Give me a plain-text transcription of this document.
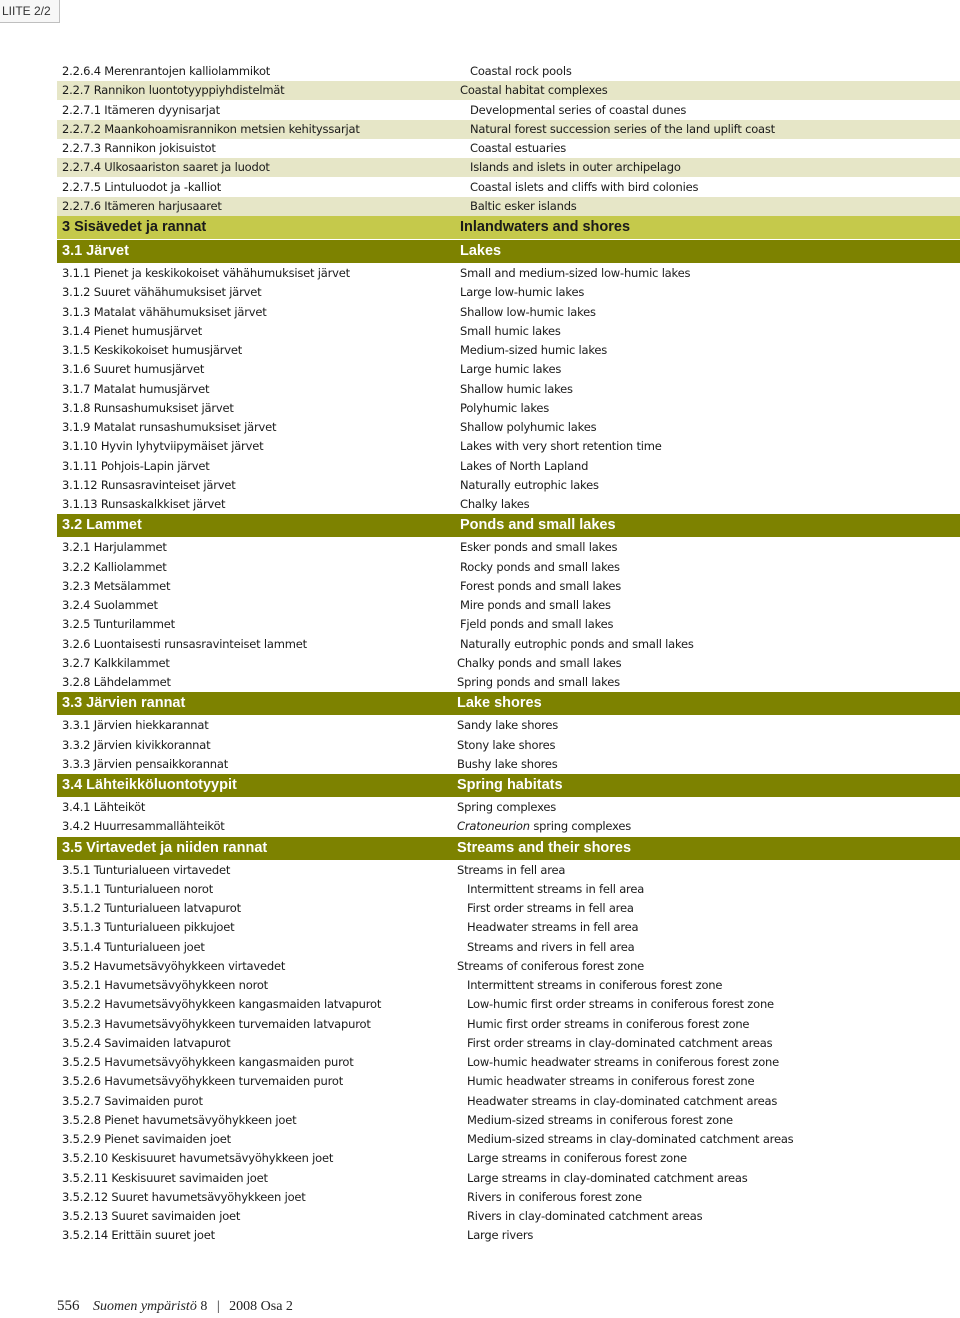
LIITE 2/2
2.2.6.4 Merenrantojen kalliolammikot	Coastal rock pools
2.2.7 Rannikon luontotyyppiyhdistelmät	Coastal habitat complexes
2.2.7.1 Itämeren dyynisarjat	Developmental series of coastal dunes
2.2.7.2 Maankohoamisrannikon metsien kehityssarjat	Natural forest succession series of the land uplift coast
2.2.7.3 Rannikon jokisuistot	Coastal estuaries
2.2.7.4 Ulkosaariston saaret ja luodot	Islands and islets in outer archipelago
2.2.7.5 Lintuluodot ja -kalliot	Coastal islets and cliffs with bird colonies
2.2.7.6 Itämeren harjusaaret	Baltic esker islands
3 Sisävedet ja rannat	Inlandwaters and shores
3.1 Järvet	Lakes
3.1.1 Pienet ja keskikokoiset vähähumuksiset järvet	Small and medium-sized low-humic lakes
3.1.2 Suuret vähähumuksiset järvet	Large low-humic lakes
3.1.3 Matalat vähähumuksiset järvet	Shallow low-humic lakes
3.1.4 Pienet humusjärvet	Small humic lakes
3.1.5 Keskikokoiset humusjärvet	Medium-sized humic lakes
3.1.6 Suuret humusjärvet	Large humic lakes
3.1.7 Matalat humusjärvet	Shallow humic lakes
3.1.8 Runsashumuksiset järvet	Polyhumic lakes
3.1.9 Matalat runsashumuksiset järvet	Shallow polyhumic lakes
3.1.10 Hyvin lyhytviipymäiset järvet	Lakes with very short retention time
3.1.11 Pohjois-Lapin järvet	Lakes of North Lapland
3.1.12 Runsasravinteiset järvet	Naturally eutrophic lakes
3.1.13 Runsaskalkkiset järvet	Chalky lakes
3.2 Lammet	Ponds and small lakes
3.2.1 Harjulammet	Esker ponds and small lakes
3.2.2 Kalliolammet	Rocky ponds and small lakes
3.2.3 Metsälammet	Forest ponds and small lakes
3.2.4 Suolammet	Mire ponds and small lakes
3.2.5 Tunturilammet	Fjeld ponds and small lakes
3.2.6 Luontaisesti runsasravinteiset lammet	Naturally eutrophic ponds and small lakes
3.2.7 Kalkkilammet	Chalky ponds and small lakes
3.2.8 Lähdelammet	Spring ponds and small lakes
3.3 Järvien rannat	Lake shores
3.3.1 Järvien hiekkarannat	Sandy lake shores
3.3.2 Järvien kivikkorannat	Stony lake shores
3.3.3 Järvien pensaikkorannat	Bushy lake shores
3.4 Lähteikköluontotyypit	Spring habitats
3.4.1 Lähteiköt	Spring complexes
3.4.2 Huurresammallähteiköt	Cratoneurion spring complexes
3.5 Virtavedet ja niiden rannat	Streams and their shores
3.5.1 Tunturialueen virtavedet	Streams in fell area
3.5.1.1 Tunturialueen norot	Intermittent streams in fell area
3.5.1.2 Tunturialueen latvapurot	First order streams in fell area
3.5.1.3 Tunturialueen pikkujoet	Headwater streams in fell area
3.5.1.4 Tunturialueen joet	Streams and rivers in fell area
3.5.2 Havumetsävyöhykkeen virtavedet	Streams of coniferous forest zone
3.5.2.1 Havumetsävyöhykkeen norot	Intermittent streams in coniferous forest zone
3.5.2.2 Havumetsävyöhykkeen kangasmaiden latvapurot	Low-humic first order streams in coniferous forest zone
3.5.2.3 Havumetsävyöhykkeen turvemaiden latvapurot	Humic first order streams in coniferous forest zone
3.5.2.4 Savimaiden latvapurot	First order streams in clay-dominated catchment areas
3.5.2.5 Havumetsävyöhykkeen kangasmaiden purot	Low-humic headwater streams in coniferous forest zone
3.5.2.6 Havumetsävyöhykkeen turvemaiden purot	Humic headwater streams in coniferous forest zone
3.5.2.7 Savimaiden purot	Headwater streams in clay-dominated catchment areas
3.5.2.8 Pienet havumetsävyöhykkeen joet	Medium-sized streams in coniferous forest zone
3.5.2.9 Pienet savimaiden joet	Medium-sized streams in clay-dominated catchment areas
3.5.2.10 Keskisuuret havumetsävyöhykkeen joet	Large streams in coniferous forest zone
3.5.2.11 Keskisuuret savimaiden joet	Large streams in clay-dominated catchment areas
3.5.2.12 Suuret havumetsävyöhykkeen joet	Rivers in coniferous forest zone
3.5.2.13 Suuret savimaiden joet	Rivers in clay-dominated catchment areas
3.5.2.14 Erittäin suuret joet	Large rivers
556 Suomen ympäristö 8 | 2008 Osa 2
